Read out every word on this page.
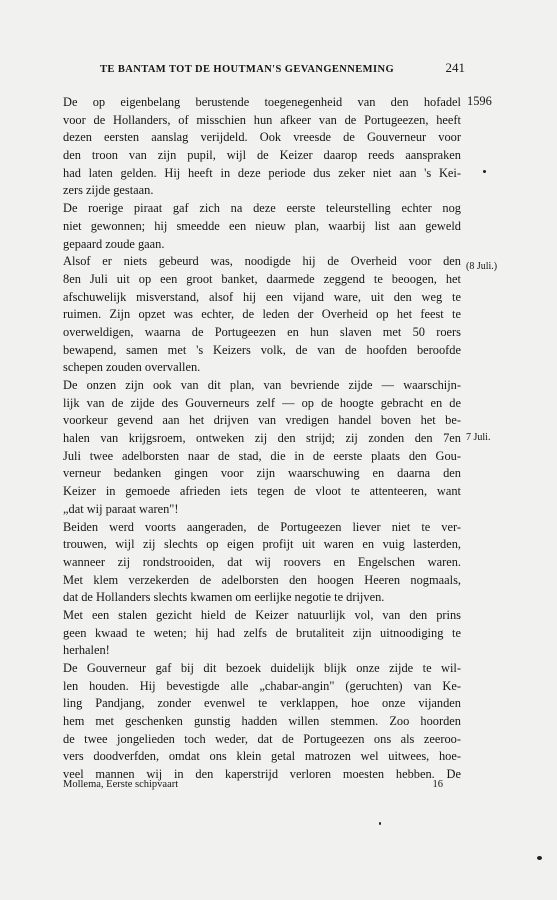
TE BANTAM TOT DE HOUTMAN'S GEVANGENNEMING	241
De op eigenbelang berustende toegenegenheid van den hofadel
voor de Hollanders, of misschien hun afkeer van de Portugeezen, heeft
dezen eersten aanslag verijdeld. Ook vreesde de Gouverneur voor
den troon van zijn pupil, wijl de Keizer daarop reeds aanspraken
had laten gelden. Hij heeft in deze periode dus zeker niet aan 's Kei-
zers zijde gestaan.
De roerige piraat gaf zich na deze eerste teleurstelling echter nog
niet gewonnen; hij smeedde een nieuw plan, waarbij list aan geweld
gepaard zoude gaan.
Alsof er niets gebeurd was, noodigde hij de Overheid voor den
8en Juli uit op een groot banket, daarmede zeggend te beoogen, het
afschuwelijk misverstand, alsof hij een vijand ware, uit den weg te
ruimen. Zijn opzet was echter, de leden der Overheid op het feest te
overweldigen, waarna de Portugeezen en hun slaven met 50 roers
bewapend, samen met 's Keizers volk, de van de hoofden beroofde
schepen zouden overvallen.
De onzen zijn ook van dit plan, van bevriende zijde — waarschijn-
lijk van de zijde des Gouverneurs zelf — op de hoogte gebracht en de
voorkeur gevend aan het drijven van vredigen handel boven het be-
halen van krijgsroem, ontweken zij den strijd; zij zonden den 7en
Juli twee adelborsten naar de stad, die in de eerste plaats den Gou-
verneur bedanken gingen voor zijn waarschuwing en daarna den
Keizer in gemoede afrieden iets tegen de vloot te attenteeren, want
„dat wij paraat waren"!
Beiden werd voorts aangeraden, de Portugeezen liever niet te ver-
trouwen, wijl zij slechts op eigen profijt uit waren en vuig lasterden,
wanneer zij rondstrooiden, dat wij roovers en Engelschen waren.
Met klem verzekerden de adelborsten den hoogen Heeren nogmaals,
dat de Hollanders slechts kwamen om eerlijke negotie te drijven.
Met een stalen gezicht hield de Keizer natuurlijk vol, van den prins
geen kwaad te weten; hij had zelfs de brutaliteit zijn uitnoodiging te
herhalen!
De Gouverneur gaf bij dit bezoek duidelijk blijk onze zijde te wil-
len houden. Hij bevestigde alle „chabar-angin" (geruchten) van Ke-
ling Pandjang, zonder evenwel te verklappen, hoe onze vijanden
hem met geschenken gunstig hadden willen stemmen. Zoo hoorden
de twee jongelieden toch weder, dat de Portugeezen ons als zeeroo-
vers doodverfden, omdat ons klein getal matrozen wel uitwees, hoe-
veel mannen wij in den kaperstrijd verloren moesten hebben. De
1596
(8 Juli.)
7 Juli.
Mollema, Eerste schipvaart	16
